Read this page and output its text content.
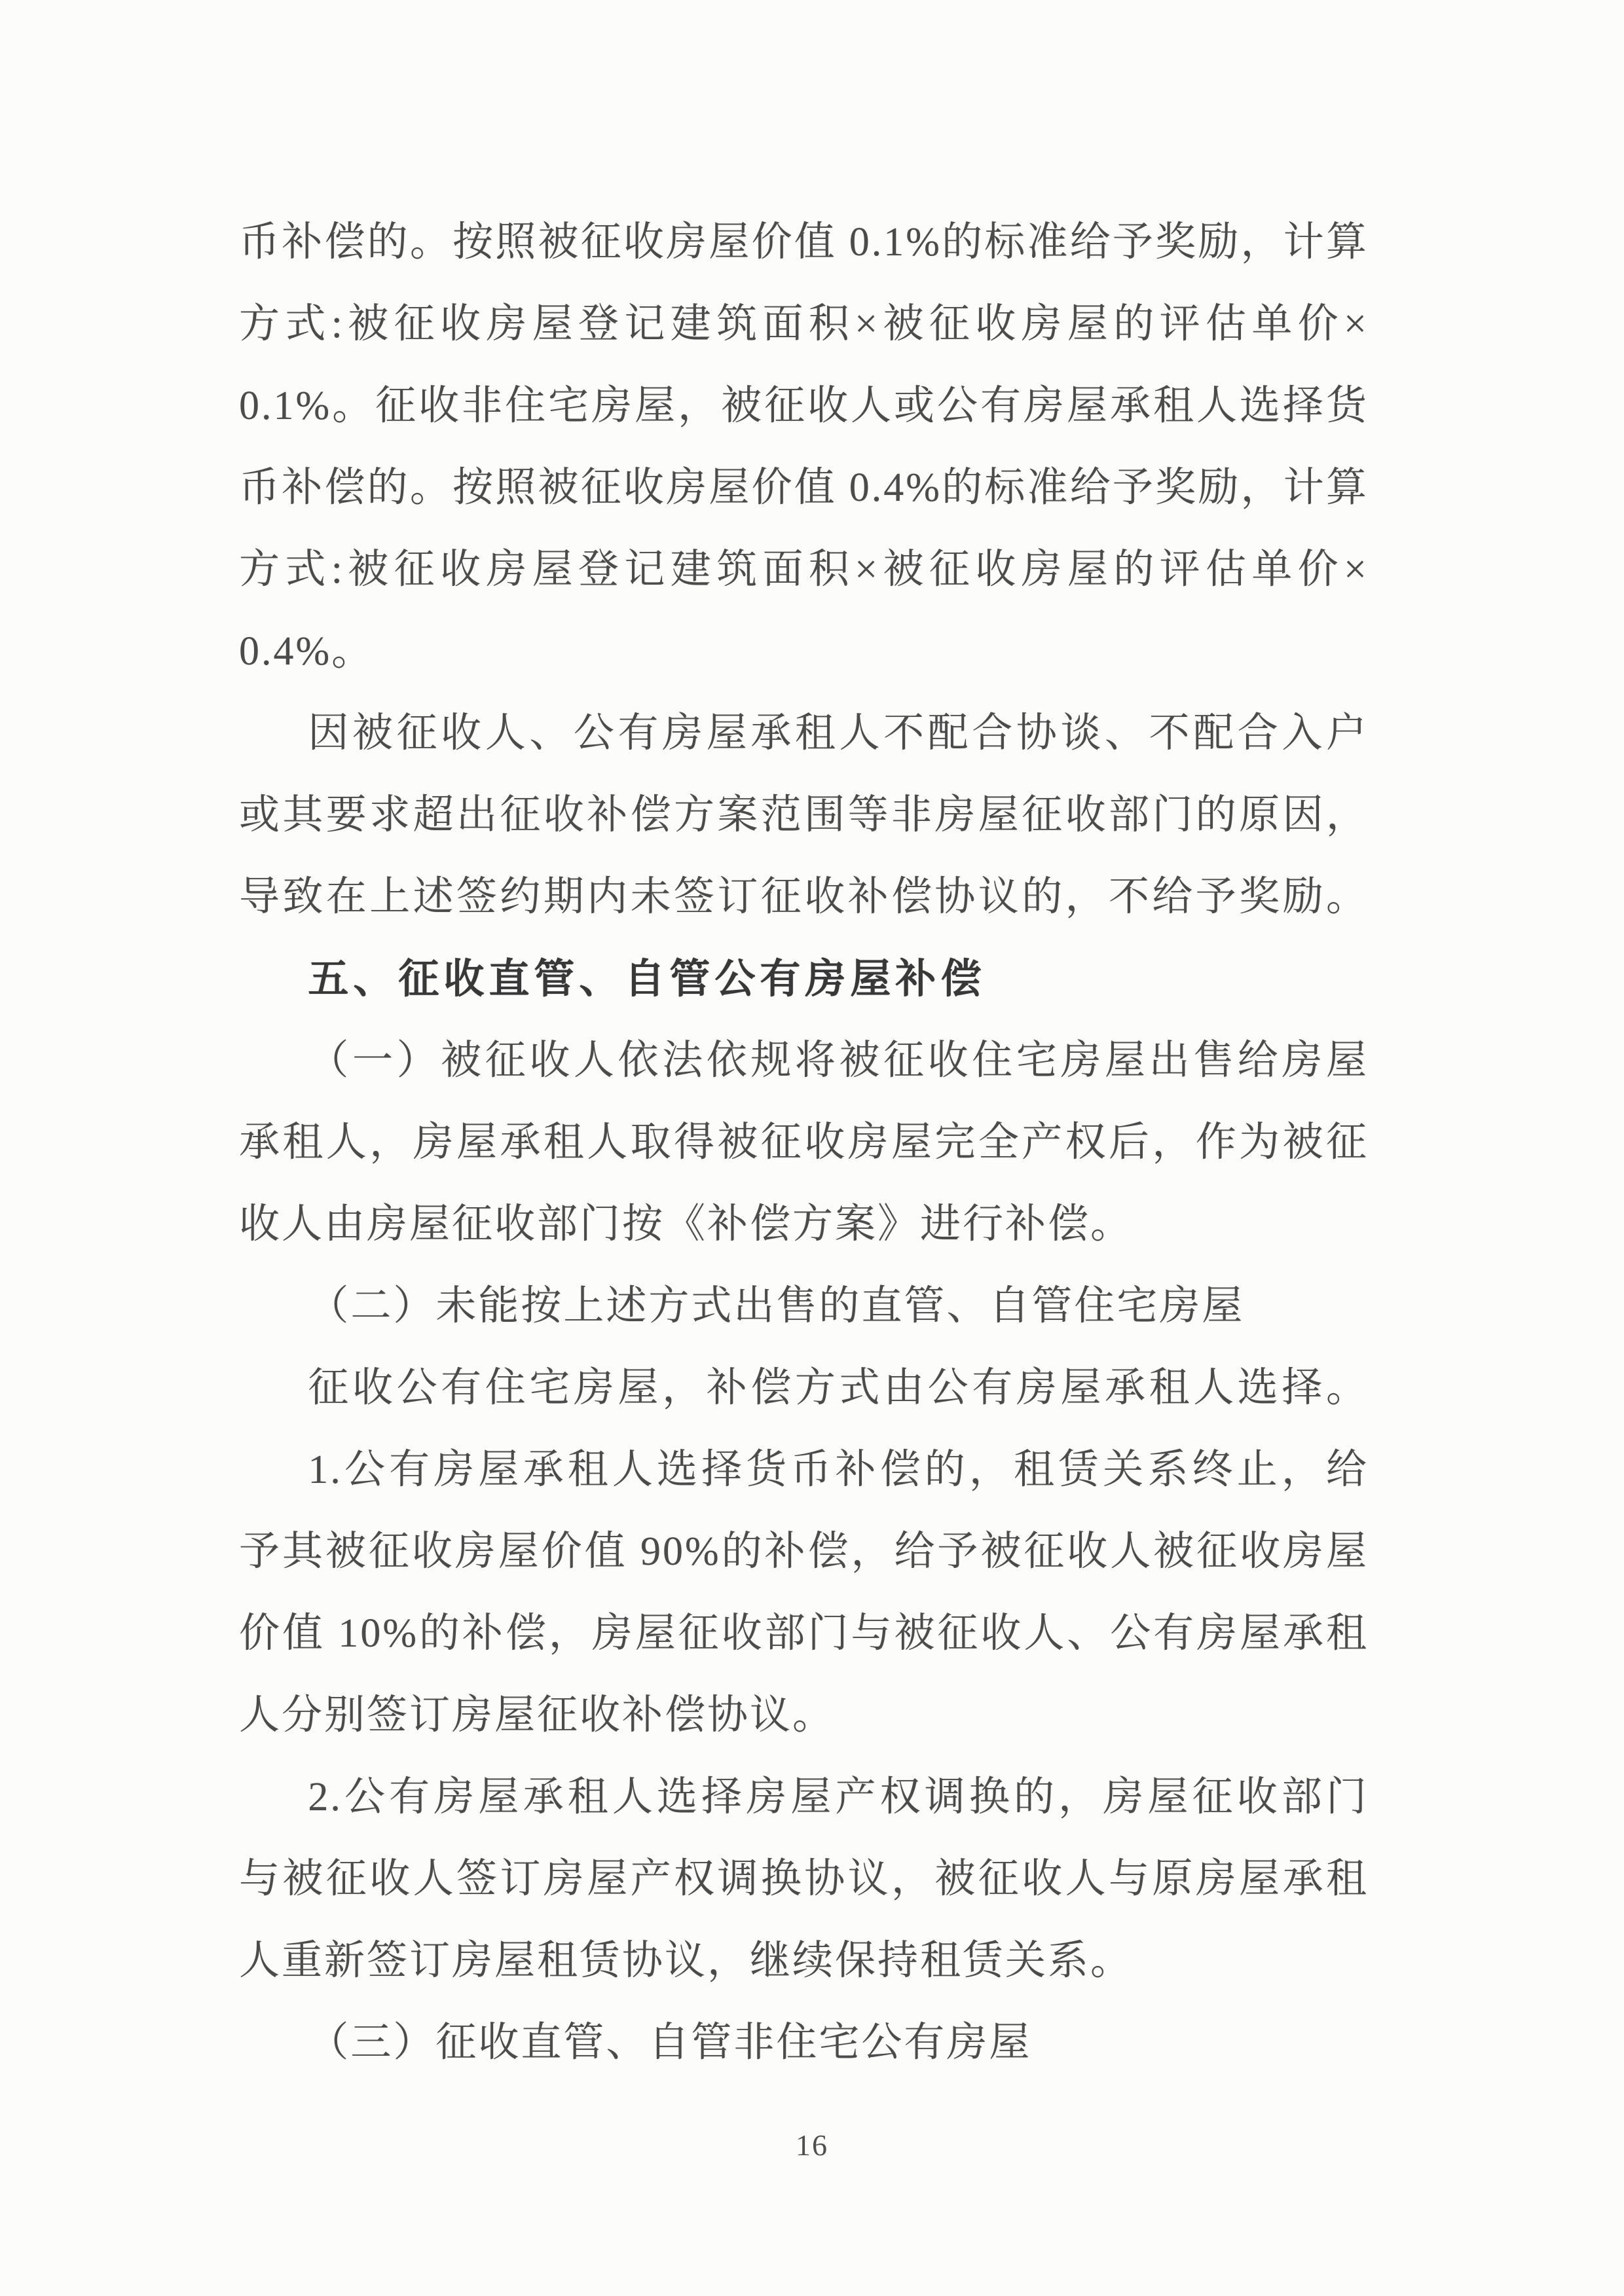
币补偿的。按照被征收房屋价值 0.1%的标准给予奖励，计算
方式:被征收房屋登记建筑面积×被征收房屋的评估单价×
0.1%。征收非住宅房屋，被征收人或公有房屋承租人选择货
币补偿的。按照被征收房屋价值 0.4%的标准给予奖励，计算
方式:被征收房屋登记建筑面积×被征收房屋的评估单价×
0.4%。
因被征收人、公有房屋承租人不配合协谈、不配合入户
或其要求超出征收补偿方案范围等非房屋征收部门的原因，
导致在上述签约期内未签订征收补偿协议的，不给予奖励。
五、征收直管、自管公有房屋补偿
（一）被征收人依法依规将被征收住宅房屋出售给房屋
承租人，房屋承租人取得被征收房屋完全产权后，作为被征
收人由房屋征收部门按《补偿方案》进行补偿。
（二）未能按上述方式出售的直管、自管住宅房屋
征收公有住宅房屋，补偿方式由公有房屋承租人选择。
1.公有房屋承租人选择货币补偿的，租赁关系终止，给
予其被征收房屋价值 90%的补偿，给予被征收人被征收房屋
价值 10%的补偿，房屋征收部门与被征收人、公有房屋承租
人分别签订房屋征收补偿协议。
2.公有房屋承租人选择房屋产权调换的，房屋征收部门
与被征收人签订房屋产权调换协议，被征收人与原房屋承租
人重新签订房屋租赁协议，继续保持租赁关系。
（三）征收直管、自管非住宅公有房屋
16
